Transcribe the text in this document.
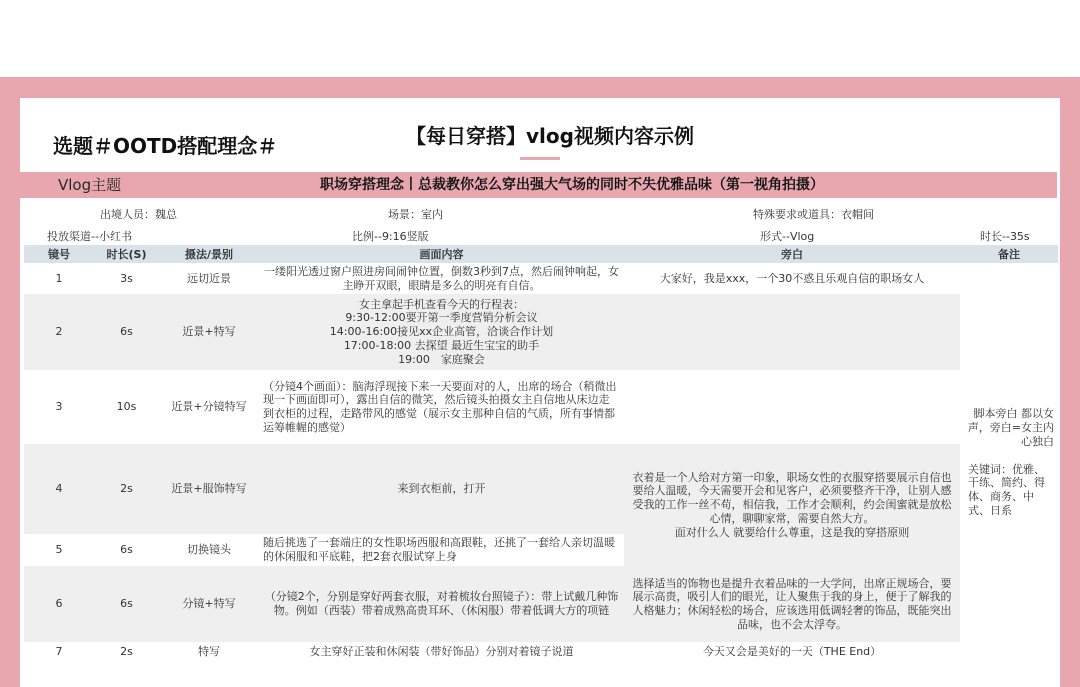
选题＃OOTD搭配理念＃	【每日穿搭】vlog视频内容示例
Vlog主题	职场穿搭理念丨总裁教你怎么穿出强大气场的同时不失优雅品味（第一视角拍摄）
出境人员：魏总	场景：室内	特殊要求或道具：衣帽间
投放渠道--小红书	比例--9:16竖版	形式--Vlog	时长--35s
镜号	时长(S)	摄法/景别	画面内容	旁白	备注
1	3s	远切近景	一缕阳光透过窗户照进房间闹钟位置，倒数3秒到7点，然后闹钟响起，女主睁开双眼，眼睛是多么的明亮有自信。	大家好，我是xxx，一个30不惑且乐观自信的职场女人	脚本旁白 都以女声，旁白=女主内心独白
关键词：优雅、干练、简约、得体、商务、中式、日系

2	6s	近景+特写	女主拿起手机查看今天的行程表：
9:30-12:00要开第一季度营销分析会议
14:00-16:00接见xx企业高管，洽谈合作计划
17:00-18:00 去探望 最近生宝宝的助手
19:00　家庭聚会		
3	10s	近景+分镜特写	（分镜4个画面）：脑海浮现接下来一天要面对的人，出席的场合（稍微出现一下画面即可），露出自信的微笑，然后镜头拍摄女主自信地从床边走到衣柜的过程，走路带风的感觉（展示女主那种自信的气质，所有事情都运筹帷幄的感觉）		
4	2s	近景+服饰特写	来到衣柜前，打开	衣着是一个人给对方第一印象，职场女性的衣服穿搭要展示自信也要给人温暖，今天需要开会和见客户，必须要整齐干净，让别人感受我的工作一丝不苟，相信我，工作才会顺利，约会闺蜜就是放松心情，聊聊家常，需要自然大方。
面对什么人 就要给什么尊重，这是我的穿搭原则	
5	6s	切换镜头	随后挑选了一套端庄的女性职场西服和高跟鞋，还挑了一套给人亲切温暖的休闲服和平底鞋，把2套衣服试穿上身		
6	6s	分镜+特写	（分镜2个，分别是穿好两套衣服，对着梳妆台照镜子）：带上试戴几种饰物。例如（西装）带着成熟高贵耳环、（休闲服）带着低调大方的项链	选择适当的饰物也是提升衣着品味的一大学问，出席正规场合，要展示高贵，吸引人们的眼光，让人聚焦于我的身上，便于了解我的人格魅力；休闲轻松的场合，应该选用低调轻奢的饰品，既能突出品味，也不会太浮夸。	
7	2s	特写	女主穿好正装和休闲装（带好饰品）分别对着镜子说道	今天又会是美好的一天（THE End）	
